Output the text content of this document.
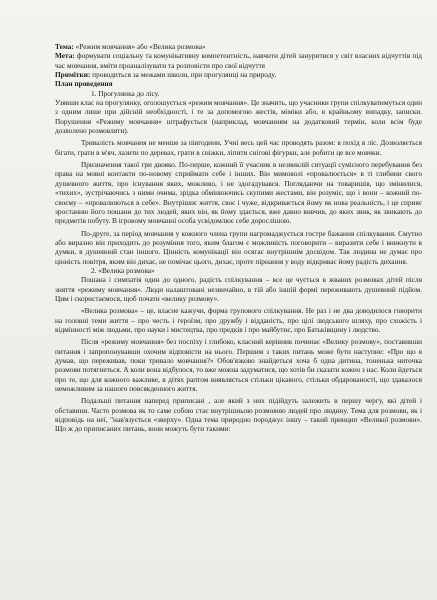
Тема: «Режим мовчання» або «Велика розмова»

Мета: формувати соціальну та комунікативну компетентність, навчити дітей зануритися у світ власних відчуттів під час мовчання, вміти проаналізувати та розповісти про свої відчуття

Примітки: проводиться за межами школи, при прогулянці на природу.

План проведення

1. Прогулянка до лісу.

Узявши клас на прогулянку, оголошується «режим мовчання». Це значить, що учасники групи спілкуватимуться один з одним лише при дійсній необхідності, і те за допомогою жестів, міміки або, в крайньому випадку, записки. Порушення «Режиму мовчання» штрафується (наприклад, мовчанням на додатковий термін, коли всім буде дозволено розмовляти).

Тривалість мовчання не менше за півгодини, Учні весь цей час проводять разом: в похід в ліс. Дозволяється бігати, грати в м'яч, лазити по деревах, грати в сніжки, ліпити снігові фігурки, але робити це все мовчки.

Призначення такої гри двояко. По-перше, кожний її учасник в незвиклій ситуації сумісного перебування без права на мовні контакти по-новому сприймати себе і інших. Він мимоволі «провалюється» в ті глибини свого душевного життя, про існування яких, можливо, і не здогадувався. Поглядаючи на товаришів, що змінилися, «тихих», зустрічаючись з ними очима, зрідка обмінюючись скупими жестами, він розуміє, що і вони – кожний по-своєму – «провалюються в себе». Внутрішнє життя, своє і чуже, відкривається йому як нова реальність, і це сприяє зростанню його пошани до тих людей, яких він, як йому здається, вже давно вивчив, до яких звик, як звикають до предметів побуту. В ігровому мовчанні особа усвідомлює себе дорослішою.

По-друге, за період мовчання у кожного члена групи нагромаджується гостре бажання спілкування. Смутно або виразно він приходить до розуміння того, яким благом є можливість поговорити – виразити себе і вникнути в думки, в душевний стан іншого. Цінність комунікації він осягає внутрішнім досвідом. Так людина не думає про цінність повітря, яким він дихає, не помічає цього, дихає, проте пірнання у воду відкриває йому радість дихання.

2. «Велика розмова»

Пошана і симпатія один до одного, радість спілкування – все це чується в жвавих розмовах дітей після зняття «режиму мовчання». Люди налаштовані незвичайно, в тій або іншій формі переживають душевний підйом. Цим і скористаємося, щоб почати «велику розмову».

«Велика розмова» – це, власне кажучи, форма групового спілкування. Не раз і не два доводилося говорити на головні теми життя – про честь і героїзм, про дружбу і відданість, про цілі людського шляху, про схожість і відмінності між людьми, про науки і мистецтва, про предків і про майбутнє, про Батьківщину і людство.

Після «режиму мовчання» без поспіху і глибоко, класний керівник починає «Велику розмову», поставивши питання і запропонувавши охочим відповісти на нього. Першим з таких питань може бути наступне: «Про що я думав, що переживав, поки тривало мовчання?» Обов'язково знайдеться хоча б одна дитина, тоненька ниточка розмови потягнеться. А коли вона відбулося, то вже можна задуматися, що хотів би сказати кожен з нас. Коли йдеться про те, що для кожного важливе, в дітях раптом виявляється стільки цікавого, стільки обдарованості, що здавалося неможливим за нашого повсякденного життя.

Подальші питання наперед приписані , але який з них підійдуть залежить в першу чергу, які дітей і обставини. Часто розмова як то саме собою стає внутрішньою розмовою людей про людину. Тема для розмови, як і відповідь на неї, "нав'язується «зверху». Одна тема природно породжує іншу – такий принцип «Великої розмови». Що ж до приписаних питань, вони можуть бути такими:
